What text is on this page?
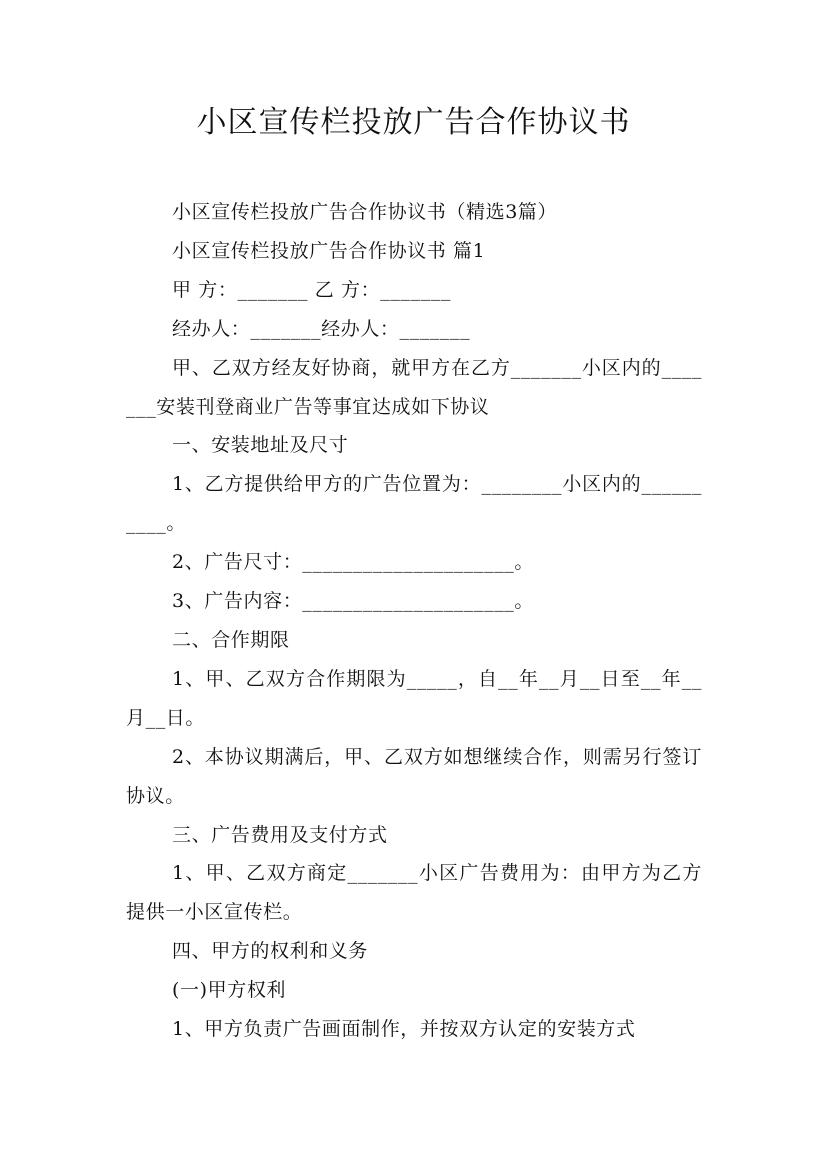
小区宣传栏投放广告合作协议书

小区宣传栏投放广告合作协议书（精选3篇）

小区宣传栏投放广告合作协议书 篇1

甲 方：_______ 乙 方：_______

经办人：_______经办人：_______

甲、乙双方经友好协商，就甲方在乙方_______小区内的_______安装刊登商业广告等事宜达成如下协议

一、安装地址及尺寸

1、乙方提供给甲方的广告位置为：________小区内的__________。

2、广告尺寸：_____________________。

3、广告内容：_____________________。

二、合作期限

1、甲、乙双方合作期限为_____，自__年__月__日至__年__ 月__日。

2、本协议期满后，甲、乙双方如想继续合作，则需另行签订协议。

三、广告费用及支付方式

1、甲、乙双方商定_______小区广告费用为：由甲方为乙方提供一小区宣传栏。

四、甲方的权利和义务

(一)甲方权利

1、甲方负责广告画面制作，并按双方认定的安装方式
